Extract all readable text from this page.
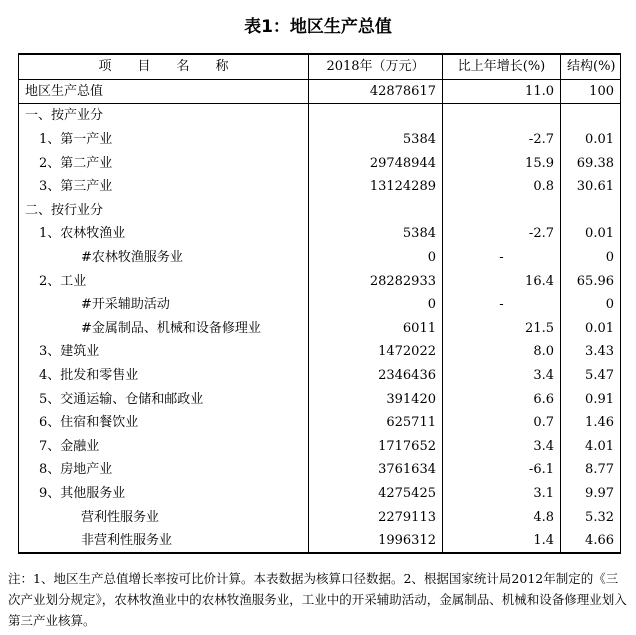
表1：地区生产总值
项　　目　　名　　称	2018年（万元）	比上年增长(%)	结构(%)
地区生产总值	42878617	11.0	100
一、按产业分			
1、第一产业	5384	-2.7	0.01
2、第二产业	29748944	15.9	69.38
3、第三产业	13124289	0.8	30.61
二、按行业分			
1、农林牧渔业	5384	-2.7	0.01
#农林牧渔服务业	0	-	0
2、工业	28282933	16.4	65.96
#开采辅助活动	0	-	0
#金属制品、机械和设备修理业	6011	21.5	0.01
3、建筑业	1472022	8.0	3.43
4、批发和零售业	2346436	3.4	5.47
5、交通运输、仓储和邮政业	391420	6.6	0.91
6、住宿和餐饮业	625711	0.7	1.46
7、金融业	1717652	3.4	4.01
8、房地产业	3761634	-6.1	8.77
9、其他服务业	4275425	3.1	9.97
营利性服务业	2279113	4.8	5.32
非营利性服务业	1996312	1.4	4.66
注：1、地区生产总值增长率按可比价计算。本表数据为核算口径数据。2、根据国家统计局2012年制定的《三次产业划分规定》，农林牧渔业中的农林牧渔服务业，工业中的开采辅助活动，金属制品、机械和设备修理业划入第三产业核算。
